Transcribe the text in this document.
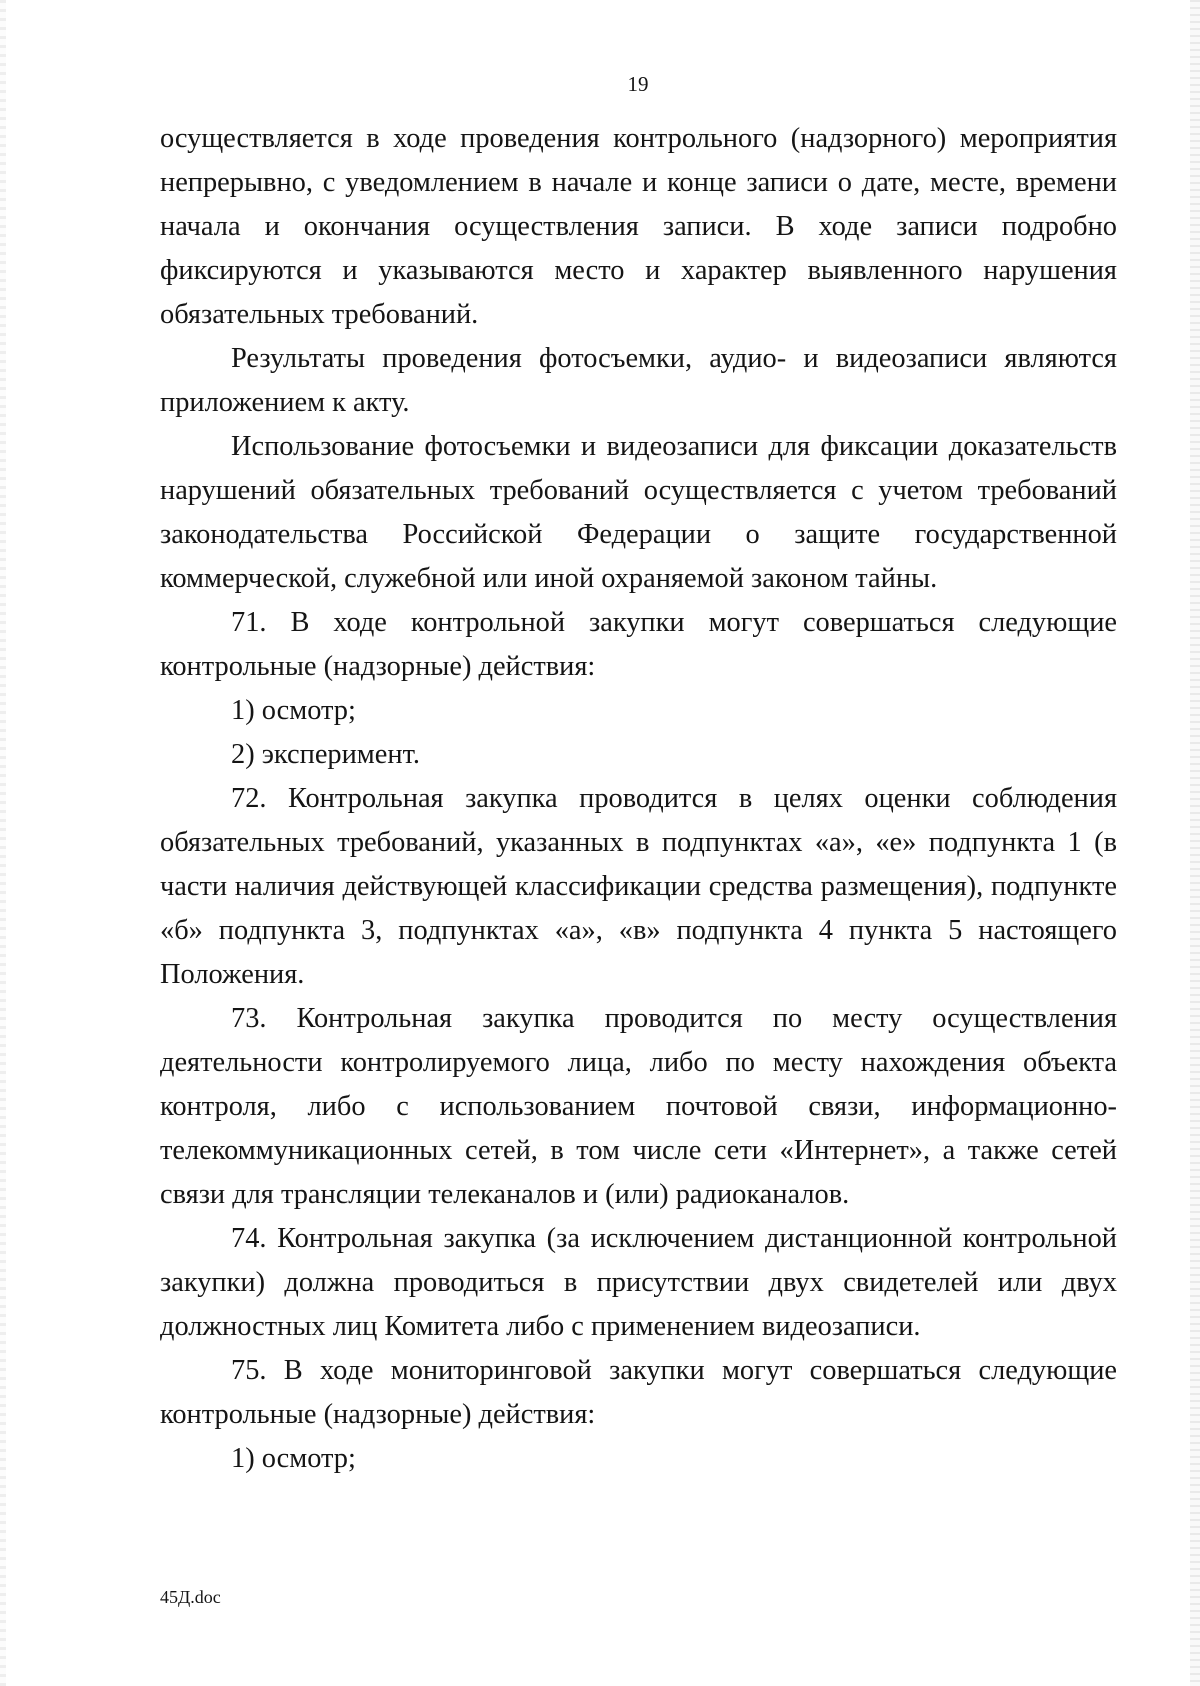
19

осуществляется в ходе проведения контрольного (надзорного) мероприятия непрерывно, с уведомлением в начале и конце записи о дате, месте, времени начала и окончания осуществления записи. В ходе записи подробно фиксируются и указываются место и характер выявленного нарушения обязательных требований.

Результаты проведения фотосъемки, аудио- и видеозаписи являются приложением к акту.

Использование фотосъемки и видеозаписи для фиксации доказательств нарушений обязательных требований осуществляется с учетом требований законодательства Российской Федерации о защите государственной коммерческой, служебной или иной охраняемой законом тайны.

71. В ходе контрольной закупки могут совершаться следующие контрольные (надзорные) действия:

1) осмотр;

2) эксперимент.

72. Контрольная закупка проводится в целях оценки соблюдения обязательных требований, указанных в подпунктах «а», «е» подпункта 1 (в части наличия действующей классификации средства размещения), подпункте «б» подпункта 3, подпунктах «а», «в» подпункта 4 пункта 5 настоящего Положения.

73. Контрольная закупка проводится по месту осуществления деятельности контролируемого лица, либо по месту нахождения объекта контроля, либо с использованием почтовой связи, информационно-телекоммуникационных сетей, в том числе сети «Интернет», а также сетей связи для трансляции телеканалов и (или) радиоканалов.

74. Контрольная закупка (за исключением дистанционной контрольной закупки) должна проводиться в присутствии двух свидетелей или двух должностных лиц Комитета либо с применением видеозаписи.

75. В ходе мониторинговой закупки могут совершаться следующие контрольные (надзорные) действия:

1) осмотр;

45Д.doc
